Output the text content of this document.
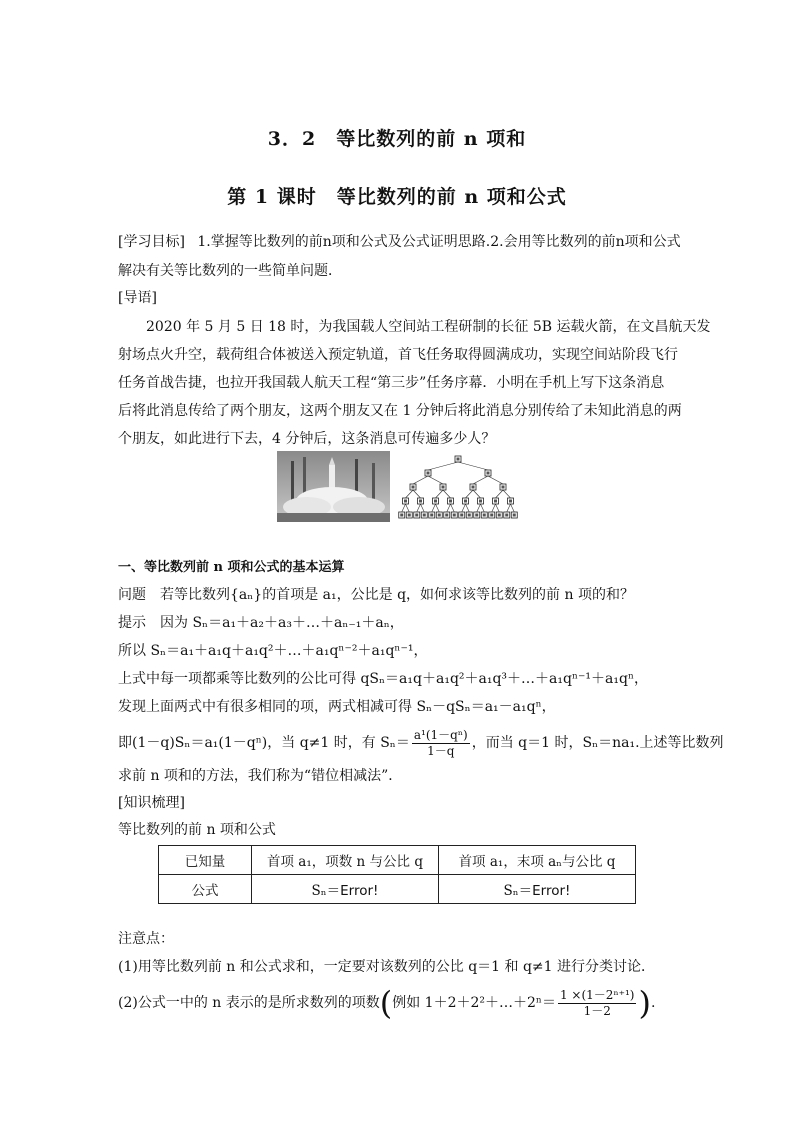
3．2　等比数列的前 n 项和
第 1 课时　等比数列的前 n 项和公式
[学习目标] 1.掌握等比数列的前n项和公式及公式证明思路.2.会用等比数列的前n项和公式
解决有关等比数列的一些简单问题．
[导语]
2020 年 5 月 5 日 18 时，为我国载人空间站工程研制的长征 5B 运载火箭，在文昌航天发
射场点火升空，载荷组合体被送入预定轨道，首飞任务取得圆满成功，实现空间站阶段飞行
任务首战告捷，也拉开我国载人航天工程“第三步”任务序幕．小明在手机上写下这条消息
后将此消息传给了两个朋友，这两个朋友又在 1 分钟后将此消息分别传给了未知此消息的两
个朋友，如此进行下去，4 分钟后，这条消息可传遍多少人？
一、等比数列前 n 项和公式的基本运算
问题　若等比数列{aₙ}的首项是 a₁，公比是 q，如何求该等比数列的前 n 项的和？
提示　因为 Sₙ＝a₁＋a₂＋a₃＋…＋aₙ₋₁＋aₙ，
所以 Sₙ＝a₁＋a₁q＋a₁q²＋…＋a₁qⁿ⁻²＋a₁qⁿ⁻¹，
上式中每一项都乘等比数列的公比可得 qSₙ＝a₁q＋a₁q²＋a₁q³＋…＋a₁qⁿ⁻¹＋a₁qⁿ，
发现上面两式中有很多相同的项，两式相减可得 Sₙ－qSₙ＝a₁－a₁qⁿ，
即(1－q)Sₙ＝a₁(1－qⁿ)，当 q≠1 时，有 $S_n= \frac{\text{a¹(1－qⁿ)}}{1-q}$ ，而当 q＝1 时，Sₙ＝na₁.上述等比数列
求前 n 项和的方法，我们称为“错位相减法”．
[知识梳理]
等比数列的前 n 项和公式
已知量	首项 a₁，项数 n 与公比 q	首项 a₁，末项 aₙ与公比 q
公式	Sₙ＝Error!	Sₙ＝Error!
注意点：
(1)用等比数列前 n 和公式求和，一定要对该数列的公比 q＝1 和 q≠1 进行分类讨论．
(2)公式一中的 n 表示的是所求数列的项数(例如 1＋2＋2²＋…＋2ⁿ＝ $\frac{\text{1 ×(1－2ⁿ⁺¹)}}{1-2}$ ).
